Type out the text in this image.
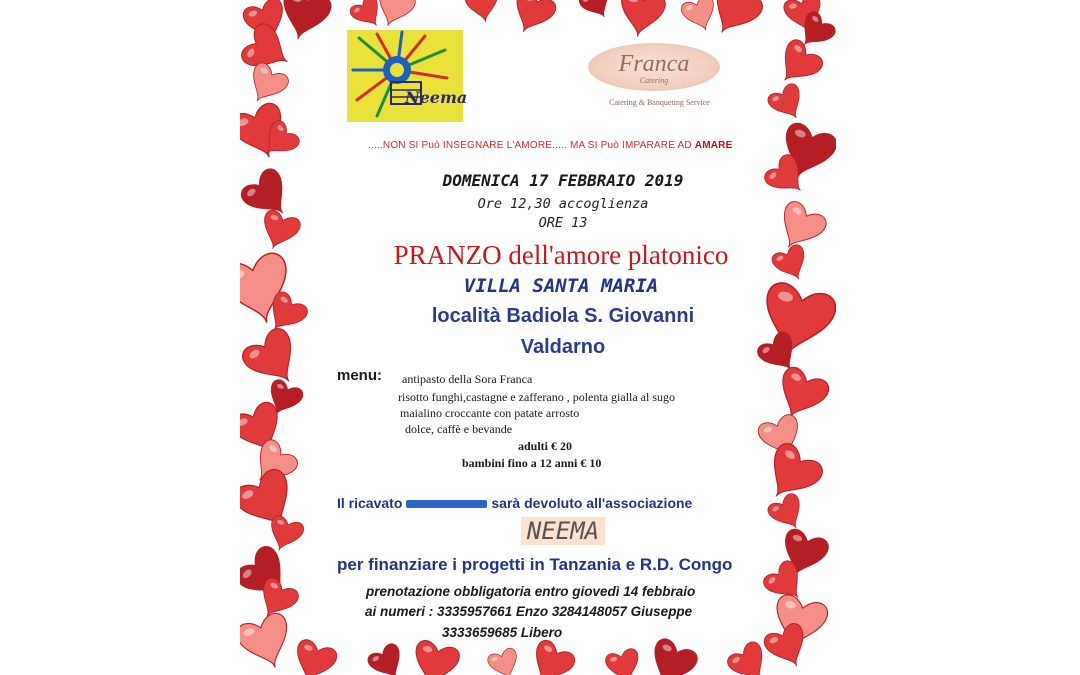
Neema
Franca
Catering
Catering & Banqueting Service

.....NON SI Può INSEGNARE L'AMORE..... MA SI Può IMPARARE AD AMARE

DOMENICA 17 FEBBRAIO 2019

Ore 12,30 accoglienza

ORE 13

PRANZO dell'amore platonico

VILLA SANTA MARIA

località Badiola S. Giovanni

Valdarno

menu: antipasto della Sora Franca

risotto funghi,castagne e zafferano , polenta gialla al sugo

maialino croccante con patate arrosto

dolce, caffè e bevande

adulti € 20

bambini fino a 12 anni € 10

Il ricavato	sarà devoluto all'associazione

NEEMA

per finanziare i progetti in Tanzania e R.D. Congo

prenotazione obbligatoria entro giovedì 14 febbraio

ai numeri : 3335957661 Enzo 3284148057 Giuseppe

3333659685 Libero
